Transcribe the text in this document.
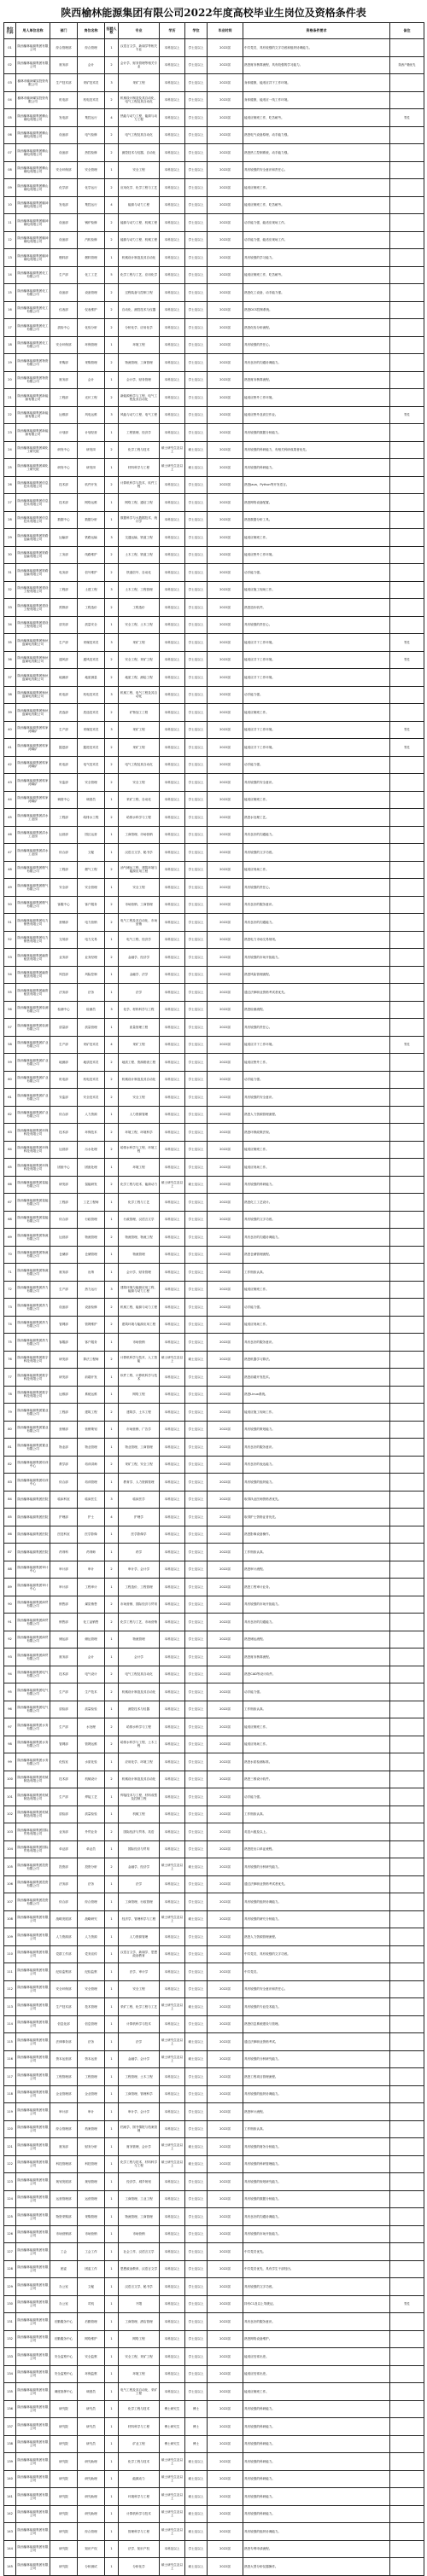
陕西榆林能源集团有限公司2022年度高校毕业生岗位及资格条件表
岗位代码	用人单位名称	部门	岗位名称	招聘人数	专业	学历	学位	毕业时间	资格条件要求	备注
01	陕西榆林能源集团有限公司	综合管理部	综合管理	1	汉语言文学、新闻学等相关专业	本科及以上	学士及以上	2022届	中共党员，具有较强的文字功底和组织协调能力。	
02	陕西榆林能源集团有限公司	财务部	会计	2	会计学、财务管理等相关专业	本科及以上	学士及以上	2022届	熟悉财务核算流程，具有较强的学习能力。	陕西户籍优先
03	榆林市榆神煤炭投资有限公司	生产技术部	采矿技术员	3	采矿工程	本科及以上	学士及以上	2022届	身体健康，能适应井下工作环境。	
04	榆林市榆神煤炭投资有限公司	机电部	机电技术员	2	机械设计制造及其自动化、电气工程及其自动化	本科及以上	学士及以上	2022届	身体健康，能适应一线工作环境。	
05	陕西榆林能源集团横山煤电有限公司	发电部	集控运行	4	热能与动力工程、能源与动力工程	本科及以上	学士及以上	2022届	能适应倒班工作，吃苦耐劳。	男性
06	陕西榆林能源集团横山煤电有限公司	设备部	电气检修	2	电气工程及其自动化	本科及以上	学士及以上	2022届	熟悉电气设备原理，动手能力强。	
07	陕西榆林能源集团横山煤电有限公司	设备部	热控检修	2	测控技术与仪器、自动化	本科及以上	学士及以上	2022届	熟悉热工控制系统，动手能力强。	
08	陕西榆林能源集团横山煤电有限公司	安全环保部	安全管理	1	安全工程	本科及以上	学士及以上	2022届	具有较强的安全意识和责任心。	
09	陕西榆林能源集团横山煤电有限公司	化学部	化学运行	2	应用化学、化学工程与工艺	本科及以上	学士及以上	2022届	能适应倒班工作。	
10	陕西榆林能源集团榆神煤电有限公司	发电部	集控运行	4	能源与动力工程	本科及以上	学士及以上	2022届	能适应倒班工作，吃苦耐劳。	
11	陕西榆林能源集团榆神煤电有限公司	设备部	锅炉检修	2	能源与动力工程、机械工程	本科及以上	学士及以上	2022届	动手能力强，能适应现场工作。	
12	陕西榆林能源集团榆神煤电有限公司	设备部	汽机检修	2	能源与动力工程、机械工程	本科及以上	学士及以上	2022届	动手能力强，能适应现场工作。	
13	陕西榆林能源集团榆神煤电有限公司	燃料部	燃料管理	1	机械设计制造及其自动化	本科及以上	学士及以上	2022届	具有较强的学习能力。	
14	陕西榆林能源集团化工有限公司	生产部	化工工艺	5	化学工程与工艺、应用化学	本科及以上	学士及以上	2022届	能适应倒班工作，吃苦耐劳。	
15	陕西榆林能源集团化工有限公司	设备部	设备管理	2	过程装备与控制工程	本科及以上	学士及以上	2022届	熟悉化工设备，动手能力强。	
16	陕西榆林能源集团化工有限公司	仪表部	仪表维护	2	自动化、测控技术与仪器	本科及以上	学士及以上	2022届	熟悉DCS控制系统。	
17	陕西榆林能源集团化工有限公司	质检中心	化验分析	2	分析化学、应用化学	本科及以上	学士及以上	2022届	熟悉化验分析流程。	
18	陕西榆林能源集团化工有限公司	安全环保部	环保管理	1	环境工程	本科及以上	学士及以上	2022届	具有较强的责任心。	
19	陕西榆林能源集团物资有限公司	采购部	采购管理	2	物流管理、工商管理	本科及以上	学士及以上	2022届	具有良好的沟通协调能力。	
20	陕西榆林能源集团物资有限公司	财务部	会计	1	会计学、财务管理	本科及以上	学士及以上	2022届	熟悉财务核算流程。	
21	陕西榆林能源集团新能源有限公司	工程部	光伏工程	2	新能源科学与工程、电气工程及其自动化	本科及以上	学士及以上	2022届	能适应野外工作环境。	
22	陕西榆林能源集团新能源有限公司	运维部	风电运维	3	风能与动力工程、电气工程	本科及以上	学士及以上	2022届	能适应野外及高空作业。	男性
23	陕西榆林能源集团新能源有限公司	计划部	计划经营	1	工程管理、经济学	本科及以上	学士及以上	2022届	具有较强的数据分析能力。	
24	陕西榆林能源集团煤化工研究院	研发中心	研发岗	2	化学工程与技术	硕士研究生及以上	硕士及以上	2022届	具有较强的科研能力，有相关科研成果者优先。	
25	陕西榆林能源集团煤化工研究院	研发中心	研发岗	1	材料科学与工程	硕士研究生及以上	硕士及以上	2022届	具有较强的科研能力。	
26	陕西榆林能源集团信息技术有限公司	技术部	软件开发	2	计算机科学与技术、软件工程	本科及以上	学士及以上	2022届	熟悉Java、Python等开发语言。	
27	陕西榆林能源集团信息技术有限公司	技术部	网络运维	1	网络工程、通信工程	本科及以上	学士及以上	2022届	熟悉网络设备配置。	
28	陕西榆林能源集团信息技术有限公司	数据中心	数据分析	1	数据科学与大数据技术、统计学	本科及以上	学士及以上	2022届	熟悉数据分析工具。	
29	陕西榆林能源集团铁路运输有限公司	运输部	铁路运输	3	交通运输、铁道工程	本科及以上	学士及以上	2022届	能适应倒班工作。	
30	陕西榆林能源集团铁路运输有限公司	工务部	线路维护	2	土木工程、铁道工程	本科及以上	学士及以上	2022届	能适应野外工作环境。	
31	陕西榆林能源集团铁路运输有限公司	电务部	信号维护	2	铁道信号、自动化	本科及以上	学士及以上	2022届	动手能力强。	
32	陕西榆林能源集团建设工程有限公司	工程部	土建工程	3	土木工程、工程管理	本科及以上	学士及以上	2022届	能适应施工现场工作。	
33	陕西榆林能源集团建设工程有限公司	预算部	工程造价	2	工程造价	本科及以上	学士及以上	2022届	熟悉造价软件。	
34	陕西榆林能源集团建设工程有限公司	质安部	质量安全	1	安全工程、土木工程	本科及以上	学士及以上	2022届	具有较强的责任心。	
35	陕西榆林能源集团杨伙盘煤电有限公司	生产部	采煤技术员	3	采矿工程	本科及以上	学士及以上	2022届	能适应井下工作环境。	男性
36	陕西榆林能源集团杨伙盘煤电有限公司	通风部	通风技术员	2	安全工程、采矿工程	本科及以上	学士及以上	2022届	能适应井下工作环境。	男性
37	陕西榆林能源集团杨伙盘煤电有限公司	地测部	地质测量	2	地质工程、测绘工程	本科及以上	学士及以上	2022届	能适应井下工作环境。	
38	陕西榆林能源集团杨伙盘煤电有限公司	机电部	机电技术员	3	机械工程、电气工程及其自动化	本科及以上	学士及以上	2022届	动手能力强。	
39	陕西榆林能源集团杨伙盘煤电有限公司	洗选部	洗选技术员	2	矿物加工工程	本科及以上	学士及以上	2022届	能适应倒班工作。	
40	陕西榆林能源集团郭家湾煤矿	生产部	采煤技术员	3	采矿工程	本科及以上	学士及以上	2022届	能适应井下工作环境。	男性
41	陕西榆林能源集团郭家湾煤矿	掘进部	掘进技术员	2	采矿工程	本科及以上	学士及以上	2022届	能适应井下工作环境。	男性
42	陕西榆林能源集团郭家湾煤矿	机电部	电气技术员	2	电气工程及其自动化	本科及以上	学士及以上	2022届	动手能力强。	
43	陕西榆林能源集团郭家湾煤矿	安监部	安全管理	2	安全工程	本科及以上	学士及以上	2022届	具有较强的安全意识。	
44	陕西榆林能源集团郭家湾煤矿	调度中心	调度员	1	采矿工程、自动化	本科及以上	学士及以上	2022届	能适应倒班工作。	
45	陕西榆林能源集团清水工业园	工程部	给排水工程	2	给排水科学与工程	本科及以上	学士及以上	2022届	熟悉水处理工艺。	
46	陕西榆林能源集团清水工业园	运营部	园区运营	1	工商管理、市场营销	本科及以上	学士及以上	2022届	具有良好的沟通能力。	
47	陕西榆林能源集团清水工业园	综合部	文秘	1	汉语言文学、秘书学	本科及以上	学士及以上	2022届	具有较强的文字功底。	
48	陕西榆林能源集团燃气有限公司	工程部	燃气工程	2	油气储运工程、建筑环境与能源应用工程	本科及以上	学士及以上	2022届	能适应现场工作。	
49	陕西榆林能源集团燃气有限公司	安全部	安全管理	1	安全工程	本科及以上	学士及以上	2022届	具有较强的责任心。	
50	陕西榆林能源集团燃气有限公司	客服中心	客户服务	2	市场营销、工商管理	本科及以上	学士及以上	2022届	具有良好的服务意识。	
51	陕西榆林能源集团电力销售有限公司	营销部	电力营销	2	电气工程及其自动化、市场营销	本科及以上	学士及以上	2022届	具有良好的沟通能力。	
52	陕西榆林能源集团电力销售有限公司	交易部	电力交易	1	电气工程、经济学	本科及以上	学士及以上	2022届	熟悉电力市场交易规则。	
53	陕西榆林能源集团融资租赁有限公司	业务部	业务经理	2	金融学、经济学	本科及以上	学士及以上	2022届	具有较强的市场开拓能力。	
54	陕西榆林能源集团融资租赁有限公司	风控部	风险控制	1	金融学、法学	本科及以上	学士及以上	2022届	熟悉风险管理流程。	
55	陕西榆林能源集团融资租赁有限公司	法务部	法务	1	法学	本科及以上	学士及以上	2022届	通过法律职业资格考试者优先。	
56	陕西榆林能源集团检测有限公司	检测中心	检测员	3	化学、材料科学与工程	本科及以上	学士及以上	2022届	熟悉检测流程。	
57	陕西榆林能源集团检测有限公司	质量部	质量管理	1	质量管理工程	本科及以上	学士及以上	2022届	具有较强的责任心。	
58	陕西榆林能源集团矿业有限公司	生产部	采矿技术员	4	采矿工程	本科及以上	学士及以上	2022届	能适应井下工作环境。	男性
59	陕西榆林能源集团矿业有限公司	地测部	地质技术员	2	地质工程、资源勘查工程	本科及以上	学士及以上	2022届	能适应野外工作。	
60	陕西榆林能源集团矿业有限公司	机电部	机电技术员	2	机械设计制造及其自动化	本科及以上	学士及以上	2022届	动手能力强。	
61	陕西榆林能源集团矿业有限公司	安监部	安全技术员	2	安全工程	本科及以上	学士及以上	2022届	具有较强的安全意识。	
62	陕西榆林能源集团矿业有限公司	综合部	人力资源	1	人力资源管理	本科及以上	学士及以上	2022届	熟悉人力资源管理流程。	
63	陕西榆林能源集团环保科技有限公司	技术部	环保技术	2	环境工程、环境科学	本科及以上	学士及以上	2022届	熟悉环保政策法规。	
64	陕西榆林能源集团环保科技有限公司	运营部	污水处理	2	给排水科学与工程、环境工程	本科及以上	学士及以上	2022届	能适应倒班工作。	
65	陕西榆林能源集团环保科技有限公司	固废中心	固废处理	1	环境工程	本科及以上	学士及以上	2022届	能适应现场工作。	
66	陕西榆林能源集团氢能有限公司	研发部	氢能研发	2	化学工程与技术、能源动力	硕士研究生及以上	硕士及以上	2022届	具有较强的科研能力。	
67	陕西榆林能源集团氢能有限公司	工程部	工艺工程师	1	化学工程与工艺	本科及以上	学士及以上	2022届	熟悉化工工艺设计。	
68	陕西榆林能源集团氢能有限公司	综合部	行政管理	1	行政管理、汉语言文学	本科及以上	学士及以上	2022届	具有较强的文字功底。	
69	陕西榆林能源集团物流有限公司	运营部	物流管理	2	物流管理、物流工程	本科及以上	学士及以上	2022届	具有良好的沟通协调能力。	
70	陕西榆林能源集团物流有限公司	仓储部	仓储管理	1	物流管理	本科及以上	学士及以上	2022届	熟悉仓储管理流程。	
71	陕西榆林能源集团物流有限公司	财务部	出纳	1	会计学、财务管理	本科及以上	学士及以上	2022届	工作细致认真。	
72	陕西榆林能源集团热力有限公司	生产部	热力运行	3	建筑环境与能源应用工程、能源与动力工程	本科及以上	学士及以上	2022届	能适应倒班工作。	
73	陕西榆林能源集团热力有限公司	设备部	设备检修	2	机械工程、能源与动力工程	本科及以上	学士及以上	2022届	动手能力强。	
74	陕西榆林能源集团热力有限公司	管网部	管网维护	2	建筑环境与能源应用工程	本科及以上	学士及以上	2022届	能适应现场工作。	
75	陕西榆林能源集团热力有限公司	客服部	客户服务	1	市场营销	本科及以上	学士及以上	2022届	具有良好的服务意识。	
76	陕西榆林能源集团数字科技有限公司	研发部	算法工程师	2	计算机科学与技术、人工智能	硕士研究生及以上	硕士及以上	2022届	熟悉机器学习算法。	
77	陕西榆林能源集团数字科技有限公司	研发部	前端开发	1	软件工程、计算机科学与技术	本科及以上	学士及以上	2022届	熟悉前端开发技术。	
78	陕西榆林能源集团数字科技有限公司	运维部	系统运维	1	网络工程	本科及以上	学士及以上	2022届	熟悉Linux系统。	
79	陕西榆林能源集团置业有限公司	工程部	建筑工程	2	建筑学、土木工程	本科及以上	学士及以上	2022届	能适应施工现场工作。	
80	陕西榆林能源集团置业有限公司	营销部	营销策划	1	市场营销、广告学	本科及以上	学士及以上	2022届	具有较强的策划能力。	
81	陕西榆林能源集团置业有限公司	物业部	物业管理	1	物业管理、工商管理	本科及以上	学士及以上	2022届	具有良好的服务意识。	
82	陕西榆林能源集团培训中心	教学部	培训讲师	2	采矿工程、安全工程	本科及以上	学士及以上	2022届	具有良好的表达能力。	
83	陕西榆林能源集团培训中心	综合部	培训管理	1	教育学、人力资源管理	本科及以上	学士及以上	2022届	具有较强的组织能力。	
84	陕西榆林能源集团医院	临床科室	临床医生	3	临床医学	本科及以上	学士及以上	2022届	取得执业医师资格者优先。	
85	陕西榆林能源集团医院	护理部	护士	4	护理学	本科及以上	学士及以上	2022届	取得护士资格证者优先。	
86	陕西榆林能源集团医院	医技科室	医学影像	1	医学影像学	本科及以上	学士及以上	2022届	熟悉影像设备操作。	
87	陕西榆林能源集团医院	药剂科	药剂师	1	药学	本科及以上	学士及以上	2022届	工作细致认真。	
88	陕西榆林能源集团审计中心	审计部	审计	2	审计学、会计学	本科及以上	学士及以上	2022届	熟悉审计流程。	
89	陕西榆林能源集团审计中心	审计部	工程审计	1	工程造价、工程管理	本科及以上	学士及以上	2022届	熟悉工程审计业务。	
90	陕西榆林能源集团商贸有限公司	销售部	煤炭销售	2	市场营销、国际经济与贸易	本科及以上	学士及以上	2022届	具有较强的市场开拓能力。	
91	陕西榆林能源集团商贸有限公司	销售部	化工品销售	2	化学工程与工艺、市场营销	本科及以上	学士及以上	2022届	具有良好的沟通能力。	
92	陕西榆林能源集团商贸有限公司	储运部	储运管理	1	物流管理	本科及以上	学士及以上	2022届	熟悉储运流程。	
93	陕西榆林能源集团商贸有限公司	财务部	会计	1	会计学	本科及以上	学士及以上	2022届	熟悉财务核算流程。	
94	陕西榆林能源集团电气有限公司	技术部	电气设计	2	电气工程及其自动化	本科及以上	学士及以上	2022届	熟悉CAD等设计软件。	
95	陕西榆林能源集团电气有限公司	生产部	生产技术	2	机械设计制造及其自动化	本科及以上	学士及以上	2022届	动手能力强。	
96	陕西榆林能源集团电气有限公司	质检部	质量检验	1	测控技术与仪器	本科及以上	学士及以上	2022届	工作细致认真。	
97	陕西榆林能源集团水务有限公司	生产部	水处理	2	给排水科学与工程	本科及以上	学士及以上	2022届	能适应倒班工作。	
98	陕西榆林能源集团水务有限公司	管网部	管网运维	2	给排水科学与工程、土木工程	本科及以上	学士及以上	2022届	能适应现场工作。	
99	陕西榆林能源集团水务有限公司	化验室	水质化验	1	应用化学、环境工程	本科及以上	学士及以上	2022届	熟悉水质检测标准。	
100	陕西榆林能源集团机械制造有限公司	技术部	机械设计	2	机械设计制造及其自动化	本科及以上	学士及以上	2022届	熟悉三维设计软件。	
101	陕西榆林能源集团机械制造有限公司	生产部	焊接工艺	1	焊接技术与工程、材料成型及控制工程	本科及以上	学士及以上	2022届	动手能力强。	
102	陕西榆林能源集团机械制造有限公司	质检部	质量检验	1	机械工程	本科及以上	学士及以上	2022届	工作细致认真。	
103	陕西榆林能源集团国际贸易有限公司	业务部	外贸业务	2	国际经济与贸易、英语	本科及以上	学士及以上	2022届	英语六级及以上。	
104	陕西榆林能源集团国际贸易有限公司	单证部	单证员	1	国际经济与贸易	本科及以上	学士及以上	2022届	熟悉进出口单证流程。	
105	陕西榆林能源集团投资有限公司	投资部	投资分析	2	金融学、经济学	硕士研究生及以上	硕士及以上	2022届	具有较强的分析研究能力。	
106	陕西榆林能源集团投资有限公司	法务部	法务	1	法学	本科及以上	学士及以上	2022届	通过法律职业资格考试者优先。	
107	陕西榆林能源集团投资有限公司	综合部	综合管理	1	工商管理、行政管理	本科及以上	学士及以上	2022届	具有较强的组织协调能力。	
108	陕西榆林能源集团有限公司	战略发展部	战略研究	1	经济学、管理科学与工程	硕士研究生及以上	硕士及以上	2022届	具有较强的研究分析能力。	
109	陕西榆林能源集团有限公司	人力资源部	人力资源	1	人力资源管理	本科及以上	学士及以上	2022届	熟悉人力资源管理流程。	
110	陕西榆林能源集团有限公司	党群工作部	党务宣传	1	汉语言文学、新闻学、思想政治教育	本科及以上	学士及以上	2022届	中共党员，具有较强的文字功底。	
111	陕西榆林能源集团有限公司	纪检监察部	纪检监察	1	法学、审计学	本科及以上	学士及以上	2022届	中共党员。	
112	陕西榆林能源集团有限公司	安全环保部	安全管理	1	安全工程	本科及以上	学士及以上	2022届	具有较强的安全意识和责任心。	
113	陕西榆林能源集团有限公司	生产技术部	技术管理	1	采矿工程、化学工程与工艺	硕士研究生及以上	硕士及以上	2022届	具有较强的专业技术能力。	
114	陕西榆林能源集团有限公司	信息化部	信息管理	1	计算机科学与技术	本科及以上	学士及以上	2022届	熟悉信息系统建设与管理。	
115	陕西榆林能源集团有限公司	法律事务部	法务	1	法学	硕士研究生及以上	硕士及以上	2022届	通过法律职业资格考试。	
116	陕西榆林能源集团有限公司	资本运营部	资本运营	1	金融学、会计学	硕士研究生及以上	硕士及以上	2022届	具有较强的分析研究能力。	
117	陕西榆林能源集团有限公司	工程管理部	工程管理	1	工程管理、土木工程	本科及以上	学士及以上	2022届	熟悉工程项目管理流程。	
118	陕西榆林能源集团有限公司	企业管理部	企业管理	1	工商管理、管理科学	本科及以上	学士及以上	2022届	具有较强的组织协调能力。	
119	陕西榆林能源集团有限公司	审计部	审计	1	审计学、会计学	本科及以上	学士及以上	2022届	熟悉审计流程。	
120	陕西榆林能源集团有限公司	综合管理部	档案管理	1	档案学、图书情报与档案管理	本科及以上	学士及以上	2022届	工作细致认真。	
121	陕西榆林能源集团有限公司	财务部	财务分析	1	财务管理、会计学	硕士研究生及以上	硕士及以上	2022届	具有较强的财务分析能力。	
122	陕西榆林能源集团有限公司	科技管理部	科技管理	1	化学工程与技术、材料科学与工程	硕士研究生及以上	硕士及以上	2022届	具有较强的科研管理能力。	
123	陕西榆林能源集团有限公司	规划发展部	规划管理	1	经济学、城乡规划	本科及以上	学士及以上	2022届	具有较强的规划研究能力。	
124	陕西榆林能源集团有限公司	运营管理部	运营管理	1	工商管理、工业工程	本科及以上	学士及以上	2022届	具有较强的数据分析能力。	
125	陕西榆林能源集团有限公司	物资采购部	采购管理	1	物流管理、工商管理	本科及以上	学士及以上	2022届	具有良好的沟通协调能力。	
126	陕西榆林能源集团有限公司	市场营销部	市场营销	1	市场营销	本科及以上	学士及以上	2022届	具有较强的市场开拓能力。	
127	陕西榆林能源集团有限公司	工会	工会工作	1	社会工作、汉语言文学	本科及以上	学士及以上	2022届	中共党员优先。	
128	陕西榆林能源集团有限公司	团委	团委工作	1	思想政治教育、汉语言文学	本科及以上	学士及以上	2022届	中共党员优先，具有学生干部经历。	
129	陕西榆林能源集团有限公司	办公室	文秘	1	汉语言文学、秘书学	本科及以上	学士及以上	2022届	具有较强的文字功底。	
130	陕西榆林能源集团有限公司	办公室	司机	1	不限	本科及以上	学士及以上	2022届	持有C1及以上驾驶证。	男性
131	陕西榆林能源集团有限公司	后勤服务中心	后勤管理	1	工商管理、酒店管理	本科及以上	学士及以上	2022届	具有良好的服务意识。	
132	陕西榆林能源集团有限公司	后勤服务中心	网络维护	1	网络工程	本科及以上	学士及以上	2022届	熟悉网络设备维护。	
133	陕西榆林能源集团有限公司	安全监察中心	安全监察	1	安全工程、采矿工程	本科及以上	学士及以上	2022届	能适应经常出差。	
134	陕西榆林能源集团有限公司	安全监察中心	环保监察	1	环境工程	本科及以上	学士及以上	2022届	能适应经常出差。	
135	陕西榆林能源集团有限公司	调度指挥中心	调度员	1	电气工程及其自动化、采矿工程	本科及以上	学士及以上	2022届	能适应倒班工作。	
136	陕西榆林能源集团有限公司	研究院	研究员	1	化学工程与技术	博士研究生	博士	2022届	具有较强的科研能力。	
137	陕西榆林能源集团有限公司	研究院	研究员	1	材料科学与工程	博士研究生	博士	2022届	具有较强的科研能力。	
138	陕西榆林能源集团有限公司	研究院	研究员	1	矿业工程	博士研究生	博士	2022届	具有较强的科研能力。	
139	陕西榆林能源集团有限公司	研究院	研究助理	1	化学工程与技术	硕士研究生及以上	硕士及以上	2022届	具有较强的科研能力。	
140	陕西榆林能源集团有限公司	研究院	研究助理	1	能源动力	硕士研究生及以上	硕士及以上	2022届	具有较强的科研能力。	
141	陕西榆林能源集团有限公司	研究院	研究助理	1	环境科学与工程	硕士研究生及以上	硕士及以上	2022届	具有较强的科研能力。	
142	陕西榆林能源集团有限公司	研究院	研究助理	1	计算机科学与技术	硕士研究生及以上	硕士及以上	2022届	具有较强的科研能力。	
143	陕西榆林能源集团有限公司	研究院	综合管理	1	管理科学与工程	硕士研究生及以上	硕士及以上	2022届	具有较强的组织协调能力。	
144	陕西榆林能源集团有限公司	研究院	知识产权	1	法学、知识产权	本科及以上	学士及以上	2022届	熟悉专利申请流程。	
145	陕西榆林能源集团有限公司	研究院	分析测试	1	分析化学	硕士研究生及以上	硕士及以上	2022届	熟悉大型分析仪器操作。	
